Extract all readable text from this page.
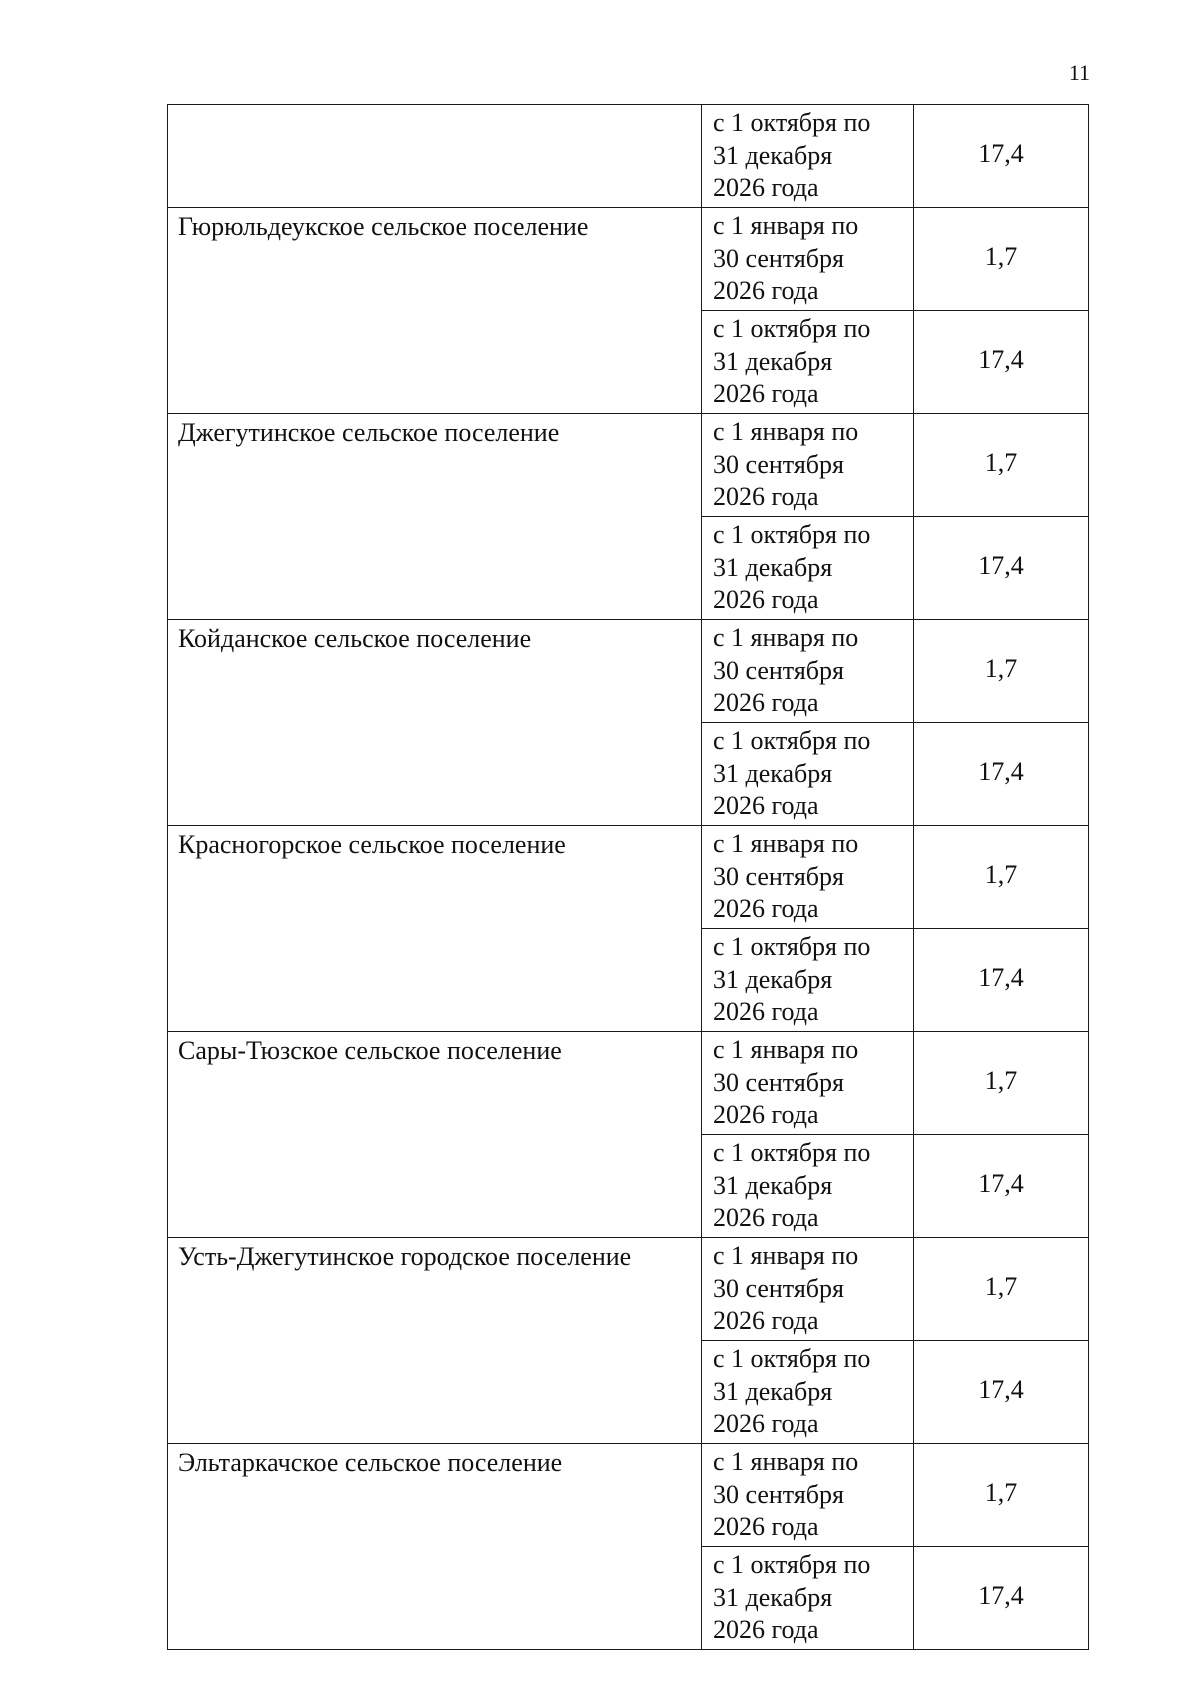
11

	с 1 октября по
31 декабря
2026 года	17,4
Гюрюльдеукское сельское поселение	с 1 января по
30 сентября
2026 года	1,7

	с 1 октября по
31 декабря
2026 года	17,4
Джегутинское сельское поселение	с 1 января по
30 сентября
2026 года	1,7

	с 1 октября по
31 декабря
2026 года	17,4
Койданское сельское поселение	с 1 января по
30 сентября
2026 года	1,7

	с 1 октября по
31 декабря
2026 года	17,4
Красногорское сельское поселение	с 1 января по
30 сентября
2026 года	1,7

	с 1 октября по
31 декабря
2026 года	17,4
Сары-Тюзское сельское поселение	с 1 января по
30 сентября
2026 года	1,7

	с 1 октября по
31 декабря
2026 года	17,4
Усть-Джегутинское городское поселение	с 1 января по
30 сентября
2026 года	1,7

	с 1 октября по
31 декабря
2026 года	17,4
Эльтаркачское сельское поселение	с 1 января по
30 сентября
2026 года	1,7

	с 1 октября по
31 декабря
2026 года	17,4
